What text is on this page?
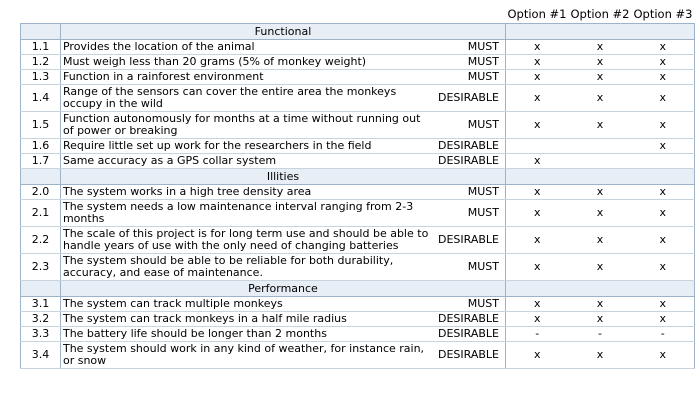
			Option #1	Option #2	Option #3
	Functional				
1.1	Provides the location of the animal	MUST	x	x	x
1.2	Must weigh less than 20 grams (5% of monkey weight)	MUST	x	x	x
1.3	Function in a rainforest environment	MUST	x	x	x
1.4	Range of the sensors can cover the entire area the monkeys occupy in the wild	DESIRABLE	x	x	x
1.5	Function autonomously for months at a time without running out of power or breaking	MUST	x	x	x
1.6	Require little set up work for the researchers in the field	DESIRABLE			x
1.7	Same accuracy as a GPS collar system	DESIRABLE	x		
	Illities				
2.0	The system works in a high tree density area	MUST	x	x	x
2.1	The system needs a low maintenance interval ranging from 2-3 months	MUST	x	x	x
2.2	The scale of this project is for long term use and should be able to handle years of use with the only need of changing batteries	DESIRABLE	x	x	x
2.3	The system should be able to be reliable for both durability, accuracy, and ease of maintenance.	MUST	x	x	x
	Performance				
3.1	The system can track multiple monkeys	MUST	x	x	x
3.2	The system can track monkeys in a half mile radius	DESIRABLE	x	x	x
3.3	The battery life should be longer than 2 months	DESIRABLE	-	-	-
3.4	The system should work in any kind of weather, for instance rain, or snow	DESIRABLE	x	x	x
